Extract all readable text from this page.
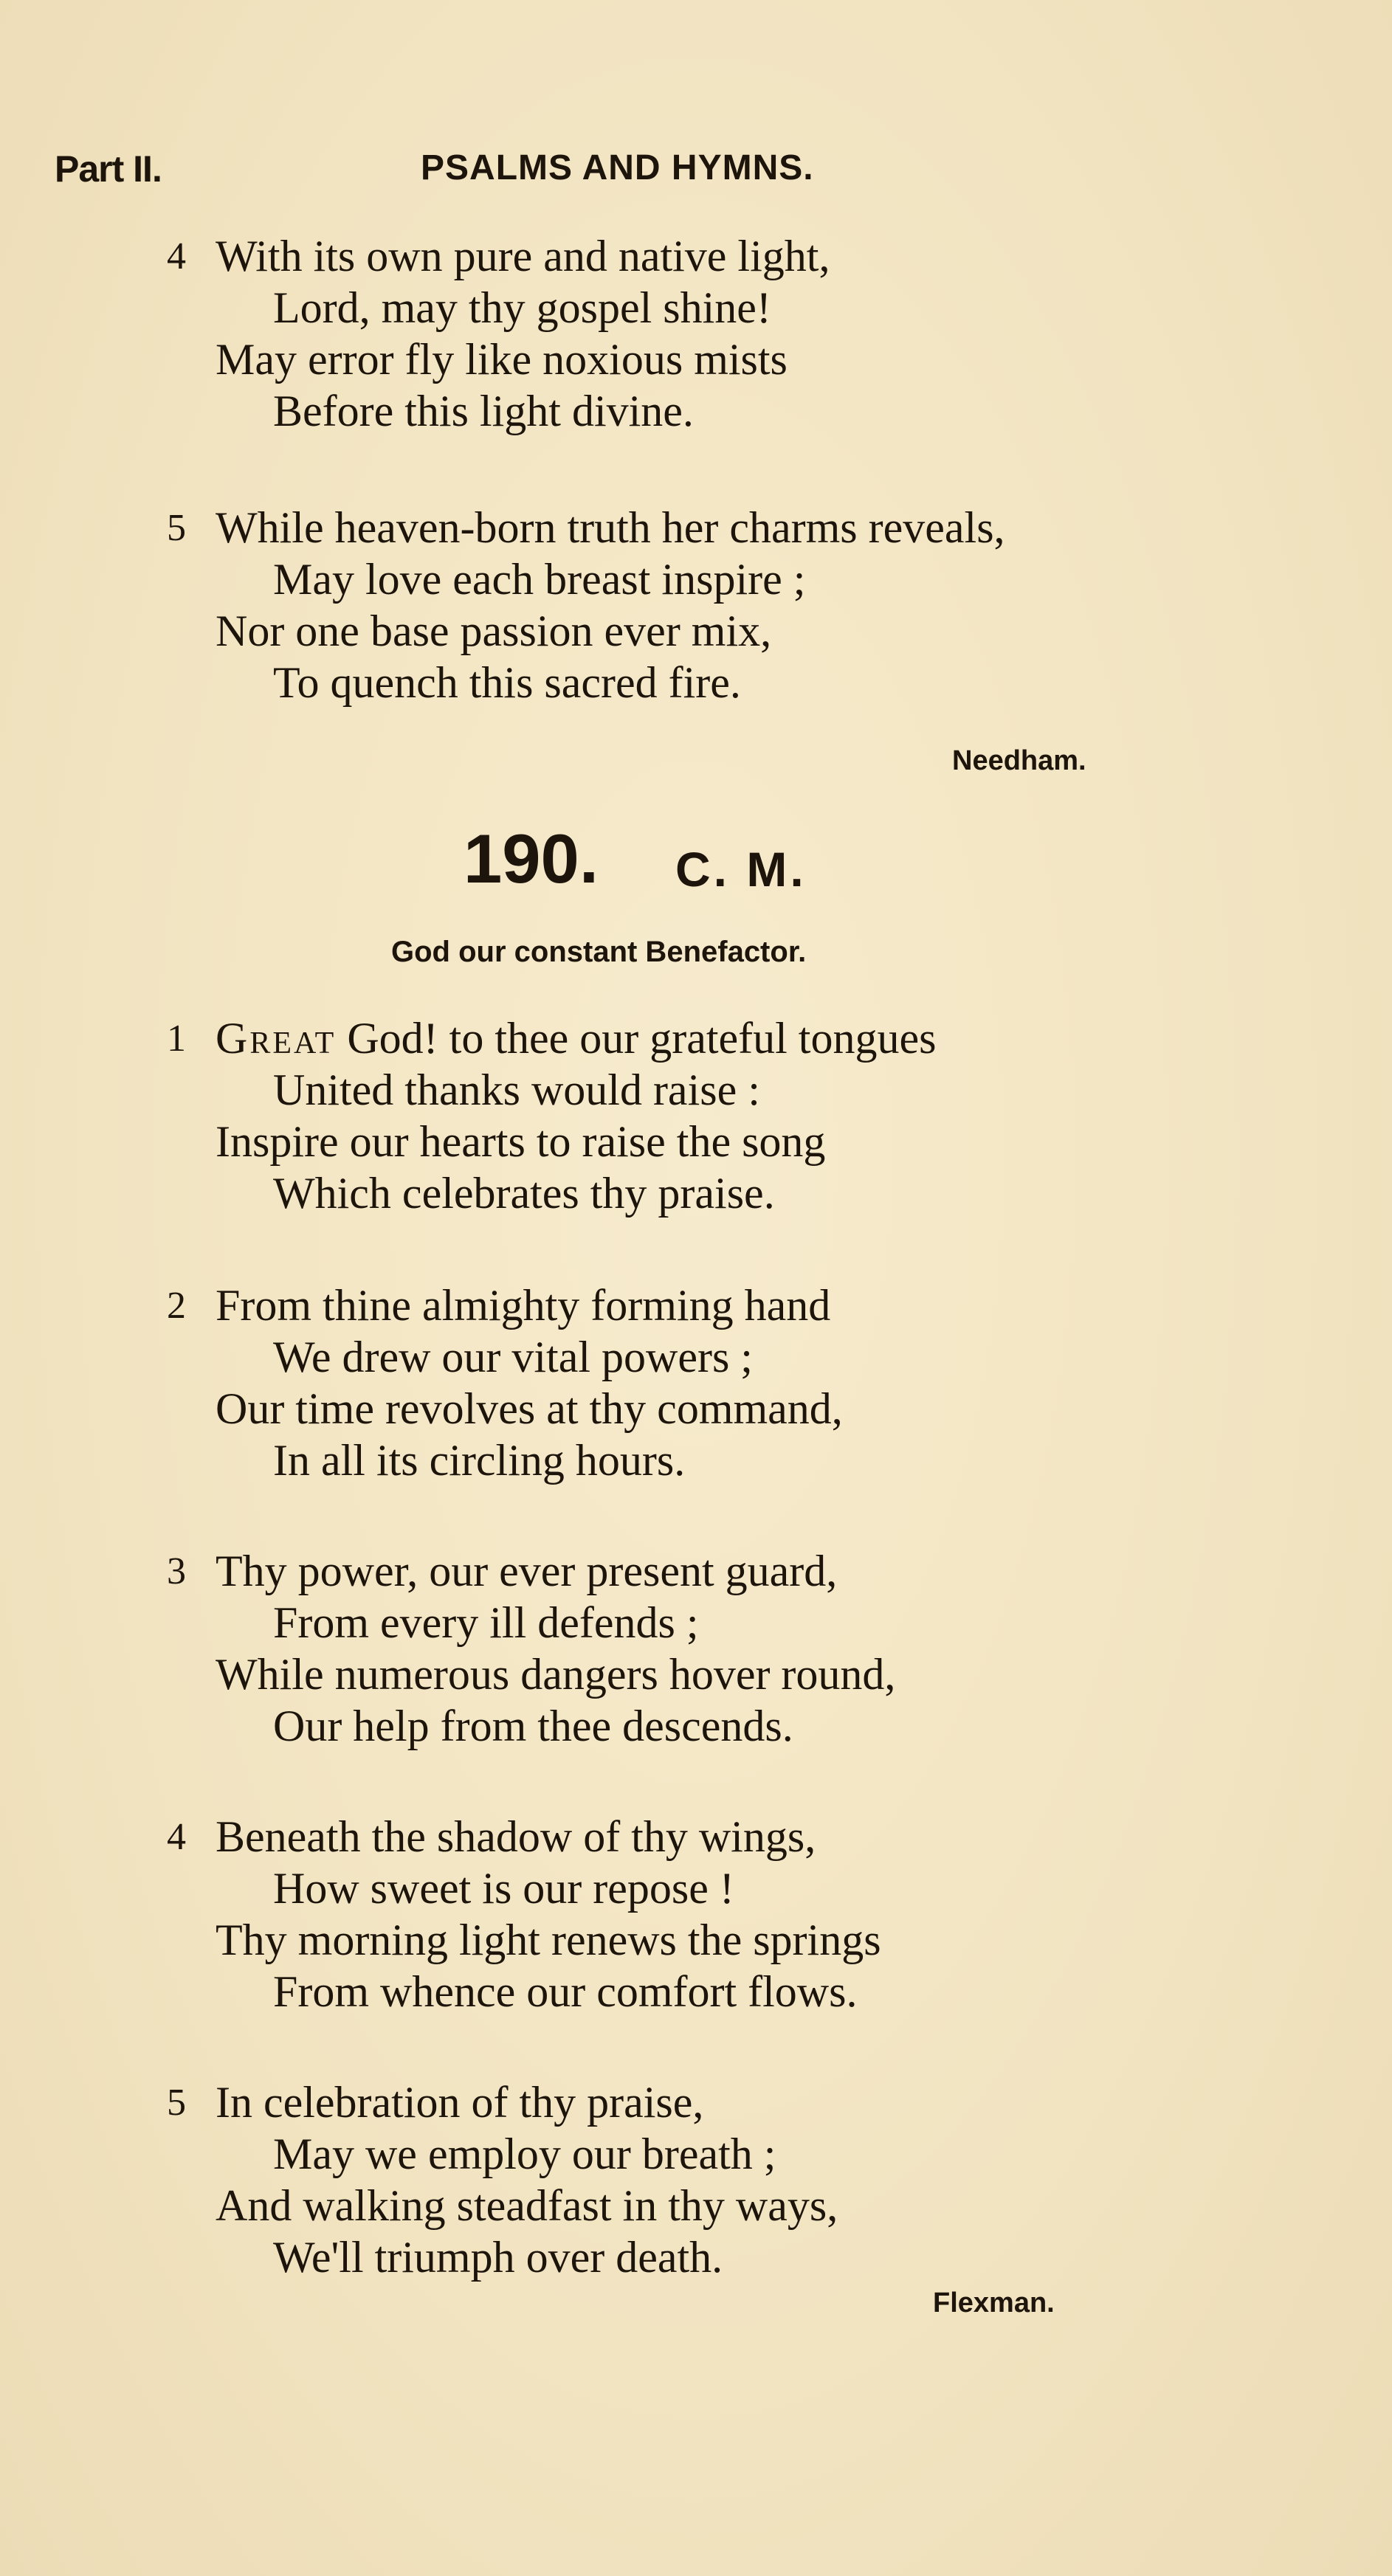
Part II.	PSALMS AND HYMNS.
4 With its own pure and native light,
Lord, may thy gospel shine!
May error fly like noxious mists
Before this light divine.
5 While heaven-born truth her charms reveals,
May love each breast inspire ;
Nor one base passion ever mix,
To quench this sacred fire.
Needham.
190. C. M.
God our constant Benefactor.
1 Great God! to thee our grateful tongues
United thanks would raise :
Inspire our hearts to raise the song
Which celebrates thy praise.
2 From thine almighty forming hand
We drew our vital powers ;
Our time revolves at thy command,
In all its circling hours.
3 Thy power, our ever present guard,
From every ill defends ;
While numerous dangers hover round,
Our help from thee descends.
4 Beneath the shadow of thy wings,
How sweet is our repose !
Thy morning light renews the springs
From whence our comfort flows.
5 In celebration of thy praise,
May we employ our breath ;
And walking steadfast in thy ways,
We'll triumph over death.
Flexman.
